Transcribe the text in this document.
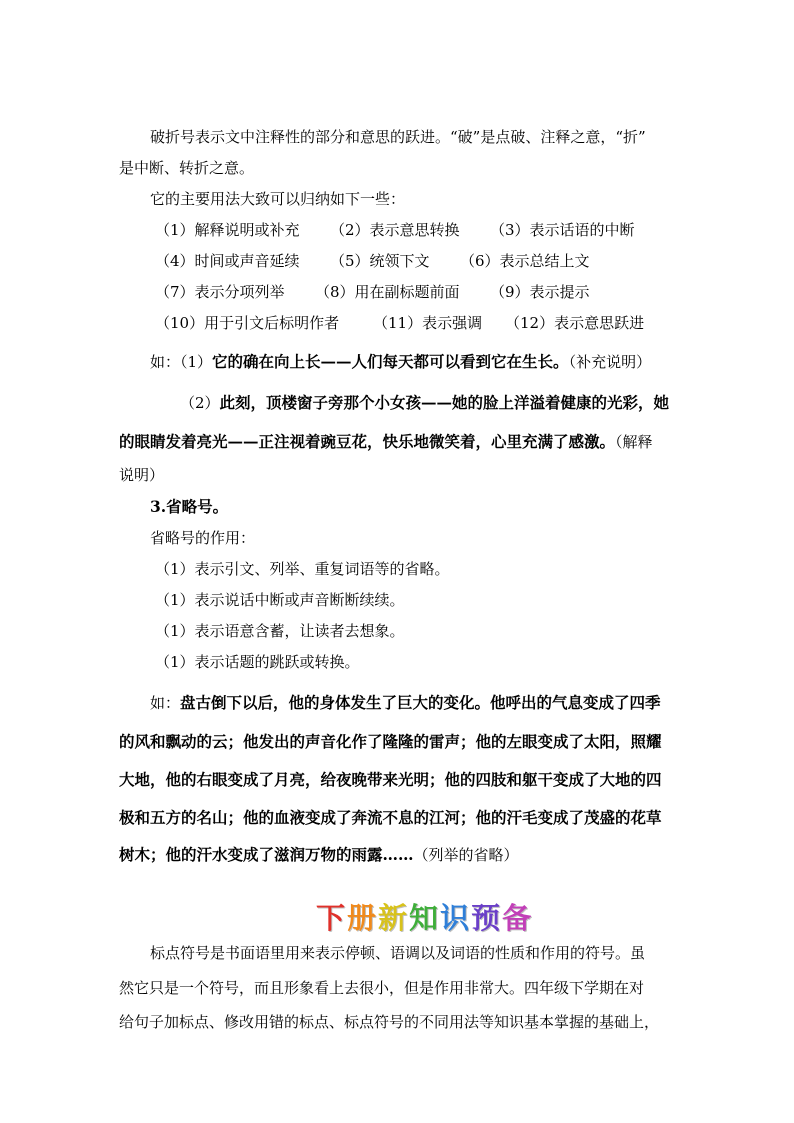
破折号表示文中注释性的部分和意思的跃进。“破”是点破、注释之意，“折”
是中断、转折之意。
它的主要用法大致可以归纳如下一些：
（1）解释说明或补充 （2）表示意思转换 （3）表示话语的中断
（4）时间或声音延续 （5）统领下文 （6）表示总结上文
（7）表示分项列举 （8）用在副标题前面 （9）表示提示
（10）用于引文后标明作者 （11）表示强调 （12）表示意思跃进
如：（1）它的确在向上长——人们每天都可以看到它在生长。（补充说明）
（2）此刻，顶楼窗子旁那个小女孩——她的脸上洋溢着健康的光彩，她
的眼睛发着亮光——正注视着豌豆花，快乐地微笑着，心里充满了感激。（解释
说明）
3.省略号。
省略号的作用：
（1）表示引文、列举、重复词语等的省略。
（1）表示说话中断或声音断断续续。
（1）表示语意含蓄，让读者去想象。
（1）表示话题的跳跃或转换。
如：盘古倒下以后，他的身体发生了巨大的变化。他呼出的气息变成了四季
的风和飘动的云；他发出的声音化作了隆隆的雷声；他的左眼变成了太阳，照耀
大地，他的右眼变成了月亮，给夜晚带来光明；他的四肢和躯干变成了大地的四
极和五方的名山；他的血液变成了奔流不息的江河；他的汗毛变成了茂盛的花草
树木；他的汗水变成了滋润万物的雨露……（列举的省略）
下册新知识预备
标点符号是书面语里用来表示停顿、语调以及词语的性质和作用的符号。虽
然它只是一个符号，而且形象看上去很小，但是作用非常大。四年级下学期在对
给句子加标点、修改用错的标点、标点符号的不同用法等知识基本掌握的基础上，
